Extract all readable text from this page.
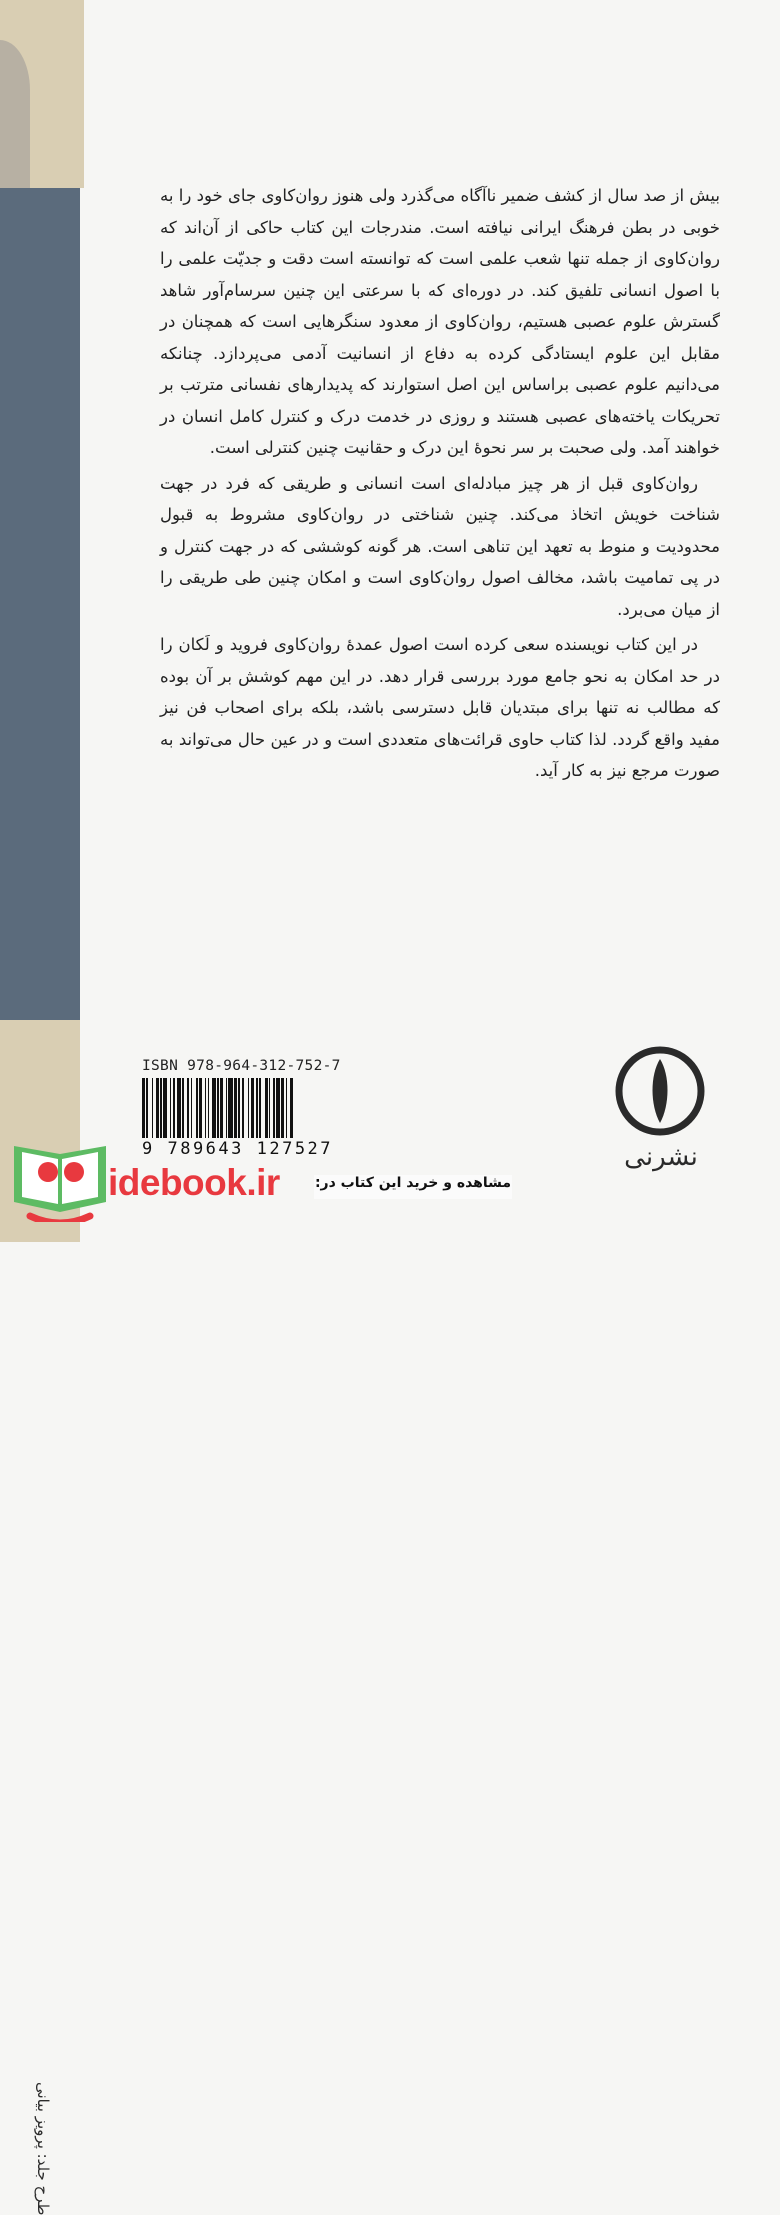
طرح جلد: پرویز بیانی

بیش از صد سال از کشف ضمیر ناآگاه می‌گذرد ولی هنوز روان‌کاوی جای خود را به خوبی در بطن فرهنگ ایرانی نیافته است. مندرجات این کتاب حاکی از آن‌اند که روان‌کاوی از جمله تنها شعب علمی است که توانسته است دقت و جدیّت علمی را با اصول انسانی تلفیق کند. در دوره‌ای که با سرعتی این چنین سرسام‌آور شاهد گسترش علوم عصبی هستیم، روان‌کاوی از معدود سنگرهایی است که همچنان در مقابل این علوم ایستادگی کرده به دفاع از انسانیت آدمی می‌پردازد. چنانکه می‌دانیم علوم عصبی براساس این اصل استوارند که پدیدارهای نفسانی مترتب بر تحریکات یاخته‌های عصبی هستند و روزی در خدمت درک و کنترل کامل انسان در خواهند آمد. ولی صحبت بر سر نحوهٔ این درک و حقانیت چنین کنترلی است.

روان‌کاوی قبل از هر چیز مبادله‌ای است انسانی و طریقی که فرد در جهت شناخت خویش اتخاذ می‌کند. چنین شناختی در روان‌کاوی مشروط به قبول محدودیت و منوط به تعهد این تناهی است. هر گونه کوششی که در جهت کنترل و در پی تمامیت باشد، مخالف اصول روان‌کاوی است و امکان چنین طی طریقی را از میان می‌برد.

در این کتاب نویسنده سعی کرده است اصول عمدهٔ روان‌کاوی فروید و لَکان را در حد امکان به نحو جامع مورد بررسی قرار دهد. در این مهم کوشش بر آن بوده که مطالب نه تنها برای مبتدیان قابل دسترسی باشد، بلکه برای اصحاب فن نیز مفید واقع گردد. لذا کتاب حاوی قرائت‌های متعددی است و در عین حال می‌تواند به صورت مرجع نیز به کار آید.

ISBN 978-964-312-752-7
9 789643 127527	نشرنی
idebook.ir	مشاهده و خرید این کتاب در:
